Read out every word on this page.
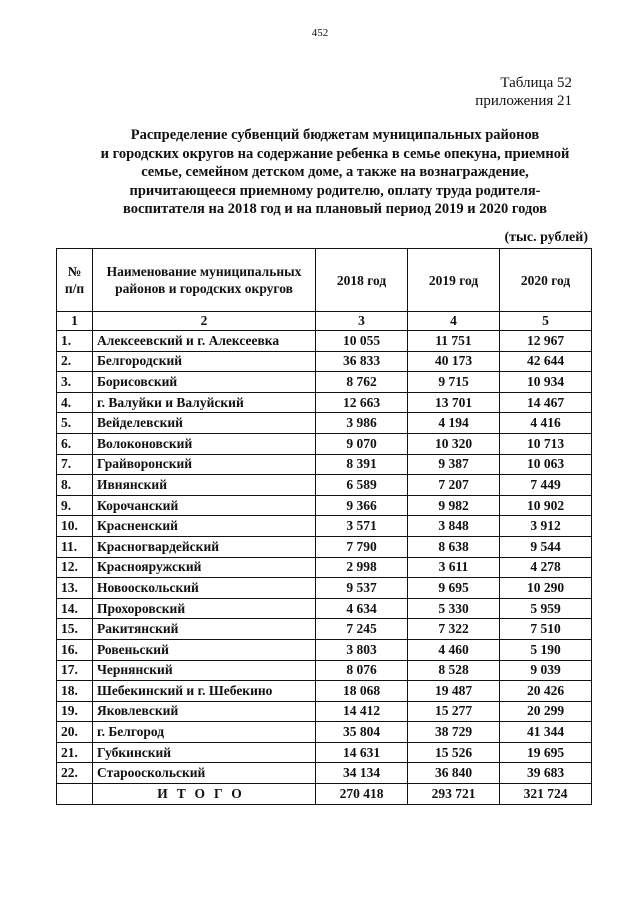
452
Таблица 52
приложения 21
Распределение субвенций бюджетам муниципальных районов
и городских округов на содержание ребенка в семье опекуна, приемной
семье, семейном детском доме, а также на вознаграждение,
причитающееся приемному родителю, оплату труда родителя-
воспитателя на 2018 год и на плановый период 2019 и 2020 годов
(тыс. рублей)
№ п/п	Наименование муниципальных районов и городских округов	2018 год	2019 год	2020 год
1	2	3	4	5
1.	Алексеевский и г. Алексеевка	10 055	11 751	12 967
2.	Белгородский	36 833	40 173	42 644
3.	Борисовский	8 762	9 715	10 934
4.	г. Валуйки и Валуйский	12 663	13 701	14 467
5.	Вейделевский	3 986	4 194	4 416
6.	Волоконовский	9 070	10 320	10 713
7.	Грайворонский	8 391	9 387	10 063
8.	Ивнянский	6 589	7 207	7 449
9.	Корочанский	9 366	9 982	10 902
10.	Красненский	3 571	3 848	3 912
11.	Красногвардейский	7 790	8 638	9 544
12.	Краснояружский	2 998	3 611	4 278
13.	Новооскольский	9 537	9 695	10 290
14.	Прохоровский	4 634	5 330	5 959
15.	Ракитянский	7 245	7 322	7 510
16.	Ровеньский	3 803	4 460	5 190
17.	Чернянский	8 076	8 528	9 039
18.	Шебекинский и г. Шебекино	18 068	19 487	20 426
19.	Яковлевский	14 412	15 277	20 299
20.	г. Белгород	35 804	38 729	41 344
21.	Губкинский	14 631	15 526	19 695
22.	Старооскольский	34 134	36 840	39 683
	ИТОГО	270 418	293 721	321 724
